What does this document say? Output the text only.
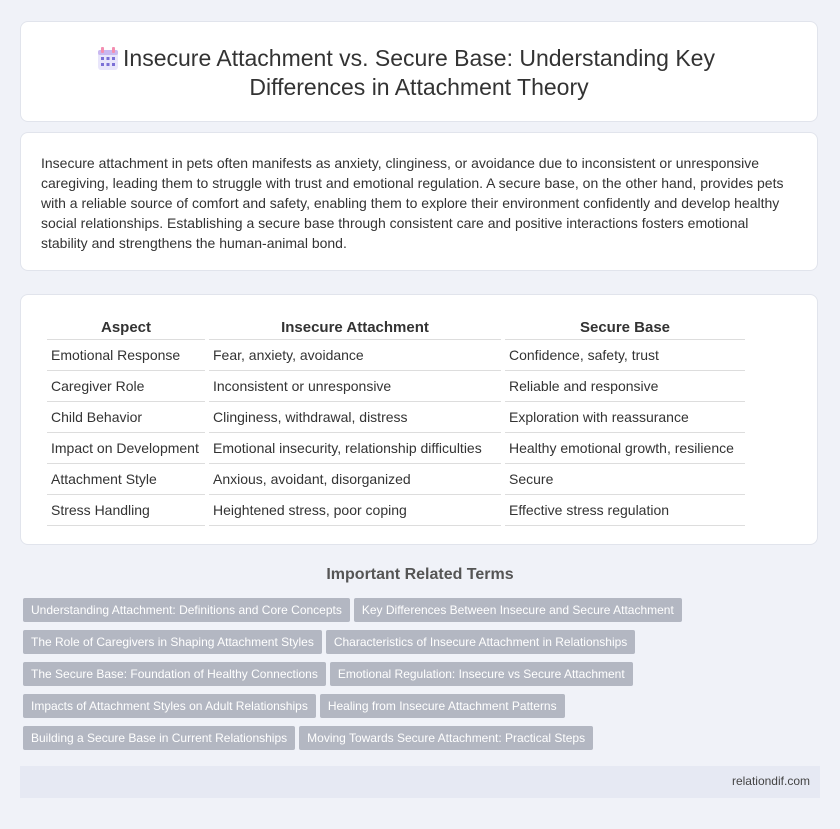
Insecure Attachment vs. Secure Base: Understanding Key Differences in Attachment Theory

Insecure attachment in pets often manifests as anxiety, clinginess, or avoidance due to inconsistent or unresponsive caregiving, leading them to struggle with trust and emotional regulation. A secure base, on the other hand, provides pets with a reliable source of comfort and safety, enabling them to explore their environment confidently and develop healthy social relationships. Establishing a secure base through consistent care and positive interactions fosters emotional stability and strengthens the human-animal bond.

Aspect	Insecure Attachment	Secure Base
Emotional Response	Fear, anxiety, avoidance	Confidence, safety, trust
Caregiver Role	Inconsistent or unresponsive	Reliable and responsive
Child Behavior	Clinginess, withdrawal, distress	Exploration with reassurance
Impact on Development	Emotional insecurity, relationship difficulties	Healthy emotional growth, resilience
Attachment Style	Anxious, avoidant, disorganized	Secure
Stress Handling	Heightened stress, poor coping	Effective stress regulation
Important Related Terms
Understanding Attachment: Definitions and Core Concepts Key Differences Between Insecure and Secure Attachment
The Role of Caregivers in Shaping Attachment Styles Characteristics of Insecure Attachment in Relationships
The Secure Base: Foundation of Healthy Connections Emotional Regulation: Insecure vs Secure Attachment
Impacts of Attachment Styles on Adult Relationships Healing from Insecure Attachment Patterns
Building a Secure Base in Current Relationships Moving Towards Secure Attachment: Practical Steps
relationdif.com
